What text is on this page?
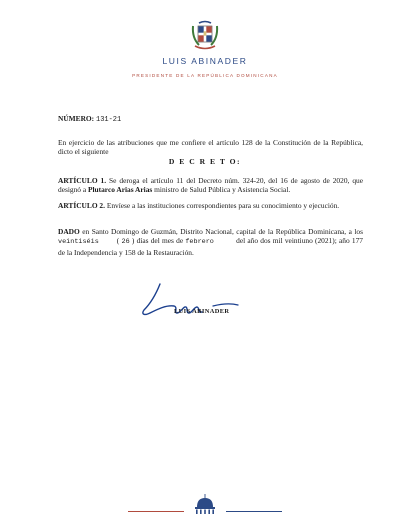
LUIS ABINADER
PRESIDENTE DE LA REPÚBLICA DOMINICANA
NÚMERO: 131-21
En ejercicio de las atribuciones que me confiere el artículo 128 de la Constitución de la República, dicto el siguiente
D E C R E T O:
ARTÍCULO 1. Se deroga el artículo 11 del Decreto núm. 324-20, del 16 de agosto de 2020, que designó a Plutarco Arias Arias ministro de Salud Pública y Asistencia Social.
ARTÍCULO 2. Envíese a las instituciones correspondientes para su conocimiento y ejecución.
DADO en Santo Domingo de Guzmán, Distrito Nacional, capital de la República Dominicana, a los veintiséis ( 26 ) días del mes de febrero	del año dos mil veintiuno (2021); año 177 de la Independencia y 158 de la Restauración.
LUIS ABINADER
